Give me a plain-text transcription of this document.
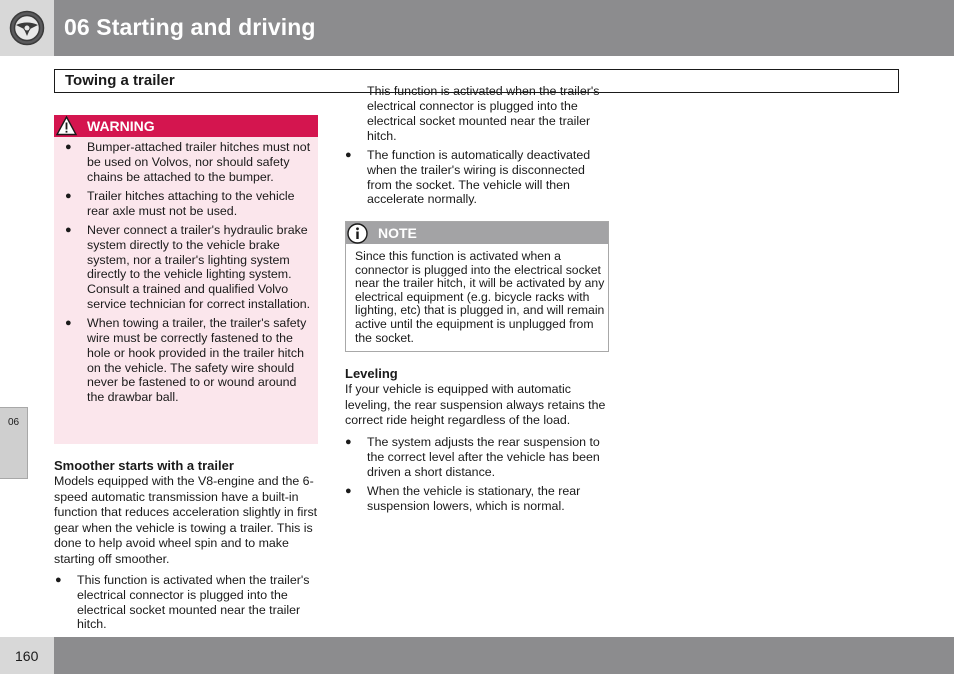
06 Starting and driving
Towing a trailer
06
WARNING
● Bumper-attached trailer hitches must not be used on Volvos, nor should safety chains be attached to the bumper.
● Trailer hitches attaching to the vehicle rear axle must not be used.
● Never connect a trailer's hydraulic brake system directly to the vehicle brake system, nor a trailer's lighting system directly to the vehicle lighting system. Consult a trained and qualified Volvo service technician for correct installation.
● When towing a trailer, the trailer's safety wire must be correctly fastened to the hole or hook provided in the trailer hitch on the vehicle. The safety wire should never be fastened to or wound around the drawbar ball.
Smoother starts with a trailer
Models equipped with the V8-engine and the 6-speed automatic transmission have a built-in function that reduces acceleration slightly in first gear when the vehicle is towing a trailer. This is done to help avoid wheel spin and to make starting off smoother.
● This function is activated when the trailer's electrical connector is plugged into the electrical socket mounted near the trailer hitch.
This function is activated when the trailer's electrical connector is plugged into the electrical socket mounted near the trailer hitch.
● The function is automatically deactivated when the trailer's wiring is disconnected from the socket. The vehicle will then accelerate normally.
NOTE
Since this function is activated when a connector is plugged into the electrical socket near the trailer hitch, it will be activated by any electrical equipment (e.g. bicycle racks with lighting, etc) that is plugged in, and will remain active until the equipment is unplugged from the socket.
Leveling
If your vehicle is equipped with automatic leveling, the rear suspension always retains the correct ride height regardless of the load.
● The system adjusts the rear suspension to the correct level after the vehicle has been driven a short distance.
● When the vehicle is stationary, the rear suspension lowers, which is normal.
160
